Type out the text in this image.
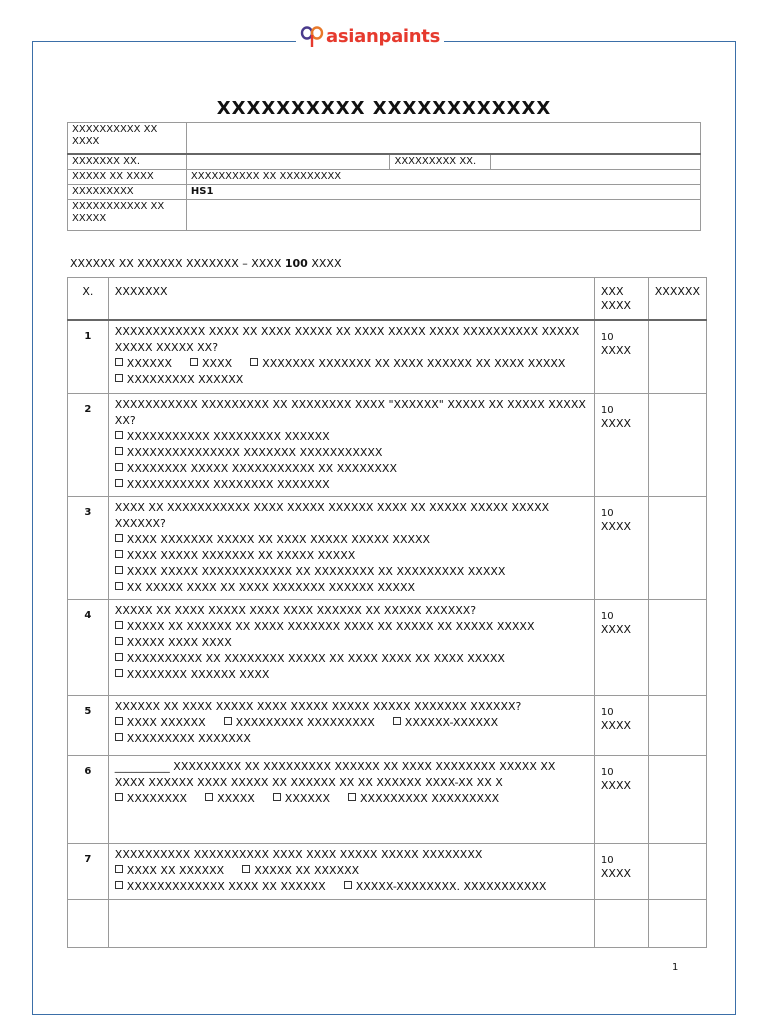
asianpaints
XXXXXXXXXX XXXXXXXXXXXX
XXXXXXXXXX XX XXXX			
XXXXXXX XX.		XXXXXXXXX XX.	
XXXXX XX XXXX	XXXXXXXXXX XX XXXXXXXXX		
XXXXXXXXX	HS1		
XXXXXXXXXXX XX XXXXX			
XXXXXX XX XXXXXX XXXXXXX – XXXX 100 XXXX
X.	XXXXXXX	XXX XXXX	XXXXXX
1	XXXXXXXXXXXX XXXX XX XXXX XXXXX XX XXXX XXXXX XXXX XXXXXXXXXX XXXXX XXXXX XXXXX XX?
XXXXXX XXXX XXXXXXX XXXXXXX XX XXXX XXXXXX XX XXXX XXXXXXXXXXXXXX XXXXXX	10
XXXX	

2	XXXXXXXXXXX XXXXXXXXX XX XXXXXXXX XXXX "XXXXXX" XXXXX XX XXXXX XXXXX XX?
XXXXXXXXXXX XXXXXXXXX XXXXXXXXXXXXXXXXXXXXX XXXXXXX XXXXXXXXXXXXXXXXXXX XXXXX XXXXXXXXXXX XX XXXXXXXXXXXXXXXXXXX XXXXXXXX XXXXXXX	10
XXXX	

3	XXXX XX XXXXXXXXXXX XXXX XXXXX XXXXXX XXXX XX XXXXX XXXXX XXXXX XXXXXX?
XXXX XXXXXXX XXXXX XX XXXX XXXXX XXXXX XXXXXXXXX XXXXX XXXXXXX XX XXXXX XXXXXXXXX XXXXX XXXXXXXXXXXX XX XXXXXXXX XX XXXXXXXXX XXXXXXX XXXXX XXXX XX XXXX XXXXXXX XXXXXX XXXXX	10
XXXX	

4	XXXXX XX XXXX XXXXX XXXX XXXX XXXXXX XX XXXXX XXXXXX?
XXXXX XX XXXXXX XX XXXX XXXXXXX XXXX XX XXXXX XX XXXXX XXXXXXXXXX XXXX XXXXXXXXXXXXXX XX XXXXXXXX XXXXX XX XXXX XXXX XX XXXX XXXXXXXXXXXXX XXXXXX XXXX	10
XXXX	

5	XXXXXX XX XXXX XXXXX XXXX XXXXX XXXXX XXXXX XXXXXXX XXXXXX?
XXXX XXXXXX XXXXXXXXX XXXXXXXXX XXXXXX-XXXXXXXXXXXXXXX XXXXXXX	10
XXXX	

6	__________ XXXXXXXXX XX XXXXXXXXX XXXXXX XX XXXX XXXXXXXX XXXXX XX XXXX XXXXXX XXXX XXXXX XX XXXXXX XX XX XXXXXX XXXX-XX XX X
XXXXXXXX XXXXX XXXXXX XXXXXXXXX XXXXXXXXX	10
XXXX	

7	XXXXXXXXXX XXXXXXXXXX XXXX XXXX XXXXX XXXXX XXXXXXXX
XXXX XX XXXXXX XXXXX XX XXXXXXXXXXXXXXXXXXX XXXX XX XXXXXX XXXXX-XXXXXXXX. XXXXXXXXXXX	10
XXXX	

1
